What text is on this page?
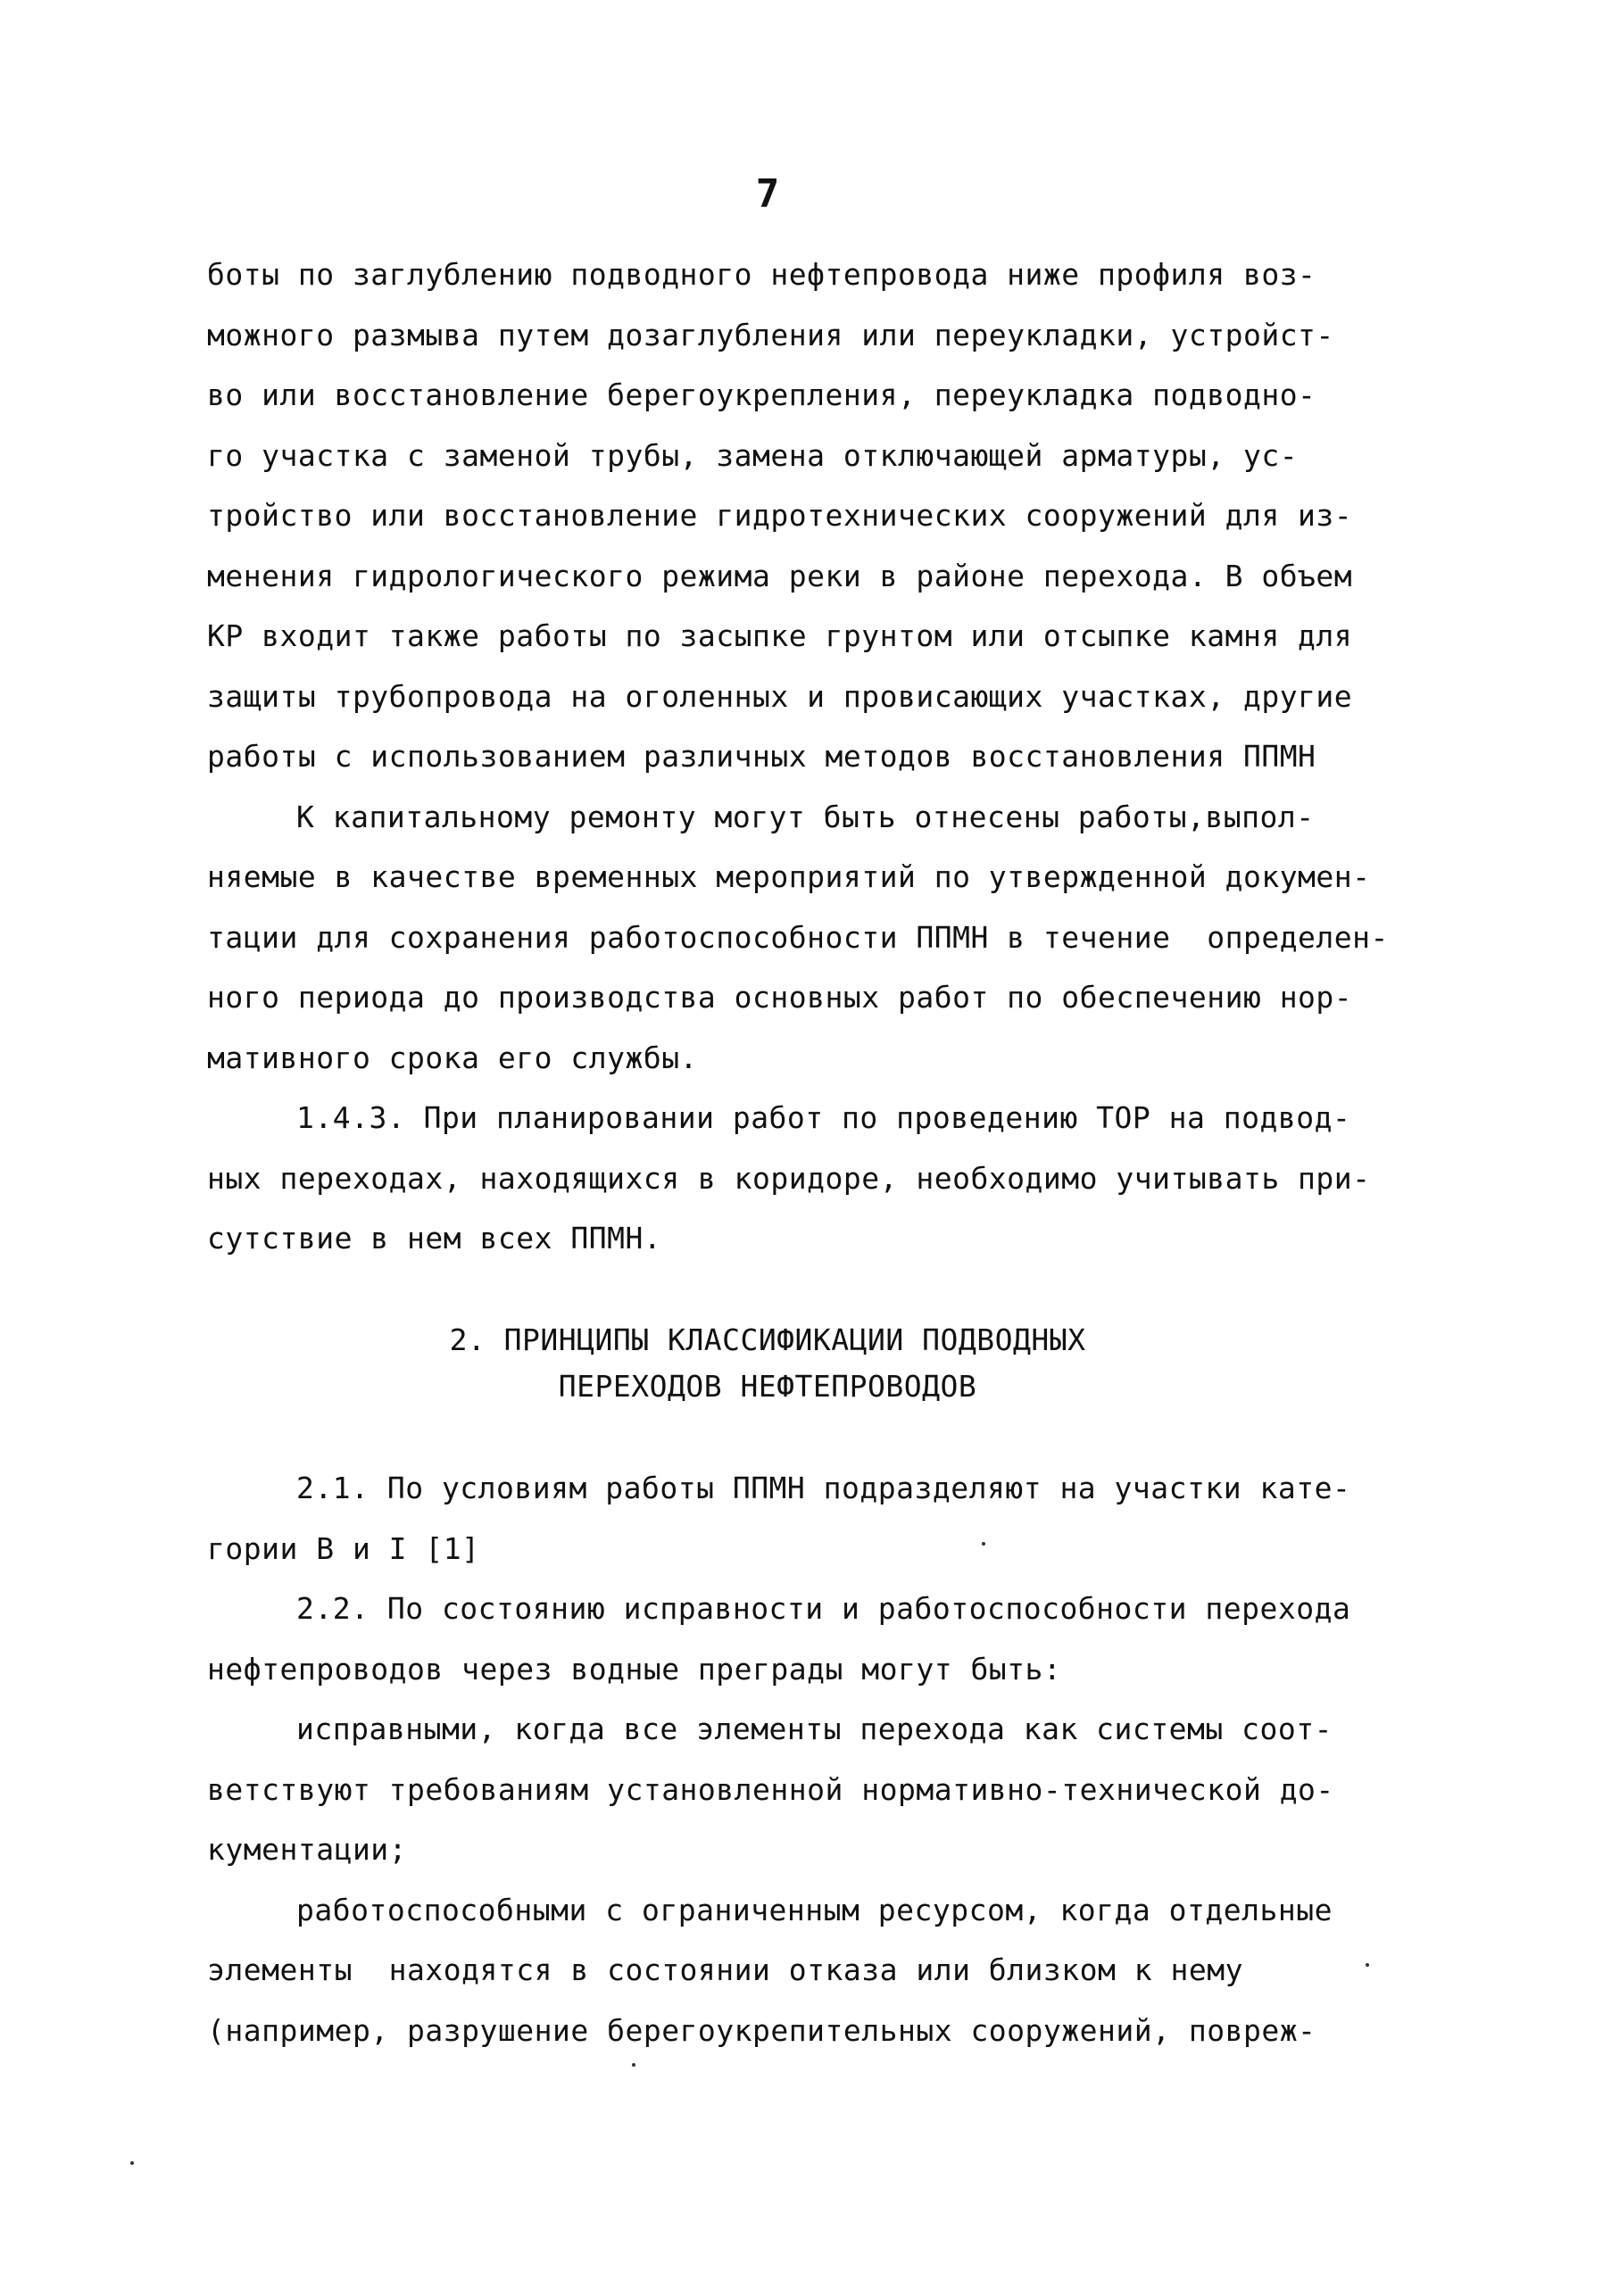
7
боты по заглублению подводного нефтепровода ниже профиля воз-
можного размыва путем дозаглубления или переукладки, устройст-
во или восстановление берегоукрепления, переукладка подводно-
го участка с заменой трубы, замена отключающей арматуры, ус-
тройство или восстановление гидротехнических сооружений для из-
менения гидрологического режима реки в районе перехода. В объем
КР входит также работы по засыпке грунтом или отсыпке камня для
защиты трубопровода на оголенных и провисающих участках, другие
работы с использованием различных методов восстановления ППМН
К капитальному ремонту могут быть отнесены работы,выпол-
няемые в качестве временных мероприятий по утвержденной докумен-
тации для сохранения работоспособности ППМН в течение  определен-
ного периода до производства основных работ по обеспечению нор-
мативного срока его службы.
1.4.3. При планировании работ по проведению ТОР на подвод-
ных переходах, находящихся в коридоре, необходимо учитывать при-
сутствие в нем всех ППМН.
2. ПРИНЦИПЫ КЛАССИФИКАЦИИ ПОДВОДНЫХ
ПЕРЕХОДОВ НЕФТЕПРОВОДОВ
2.1. По условиям работы ППМН подразделяют на участки кате-
гории В и I [1]
2.2. По состоянию исправности и работоспособности перехода
нефтепроводов через водные преграды могут быть:
исправными, когда все элементы перехода как системы соот-
ветствуют требованиям установленной нормативно-технической до-
кументации;
работоспособными с ограниченным ресурсом, когда отдельные
элементы  находятся в состоянии отказа или близком к нему
(например, разрушение берегоукрепительных сооружений, повреж-
